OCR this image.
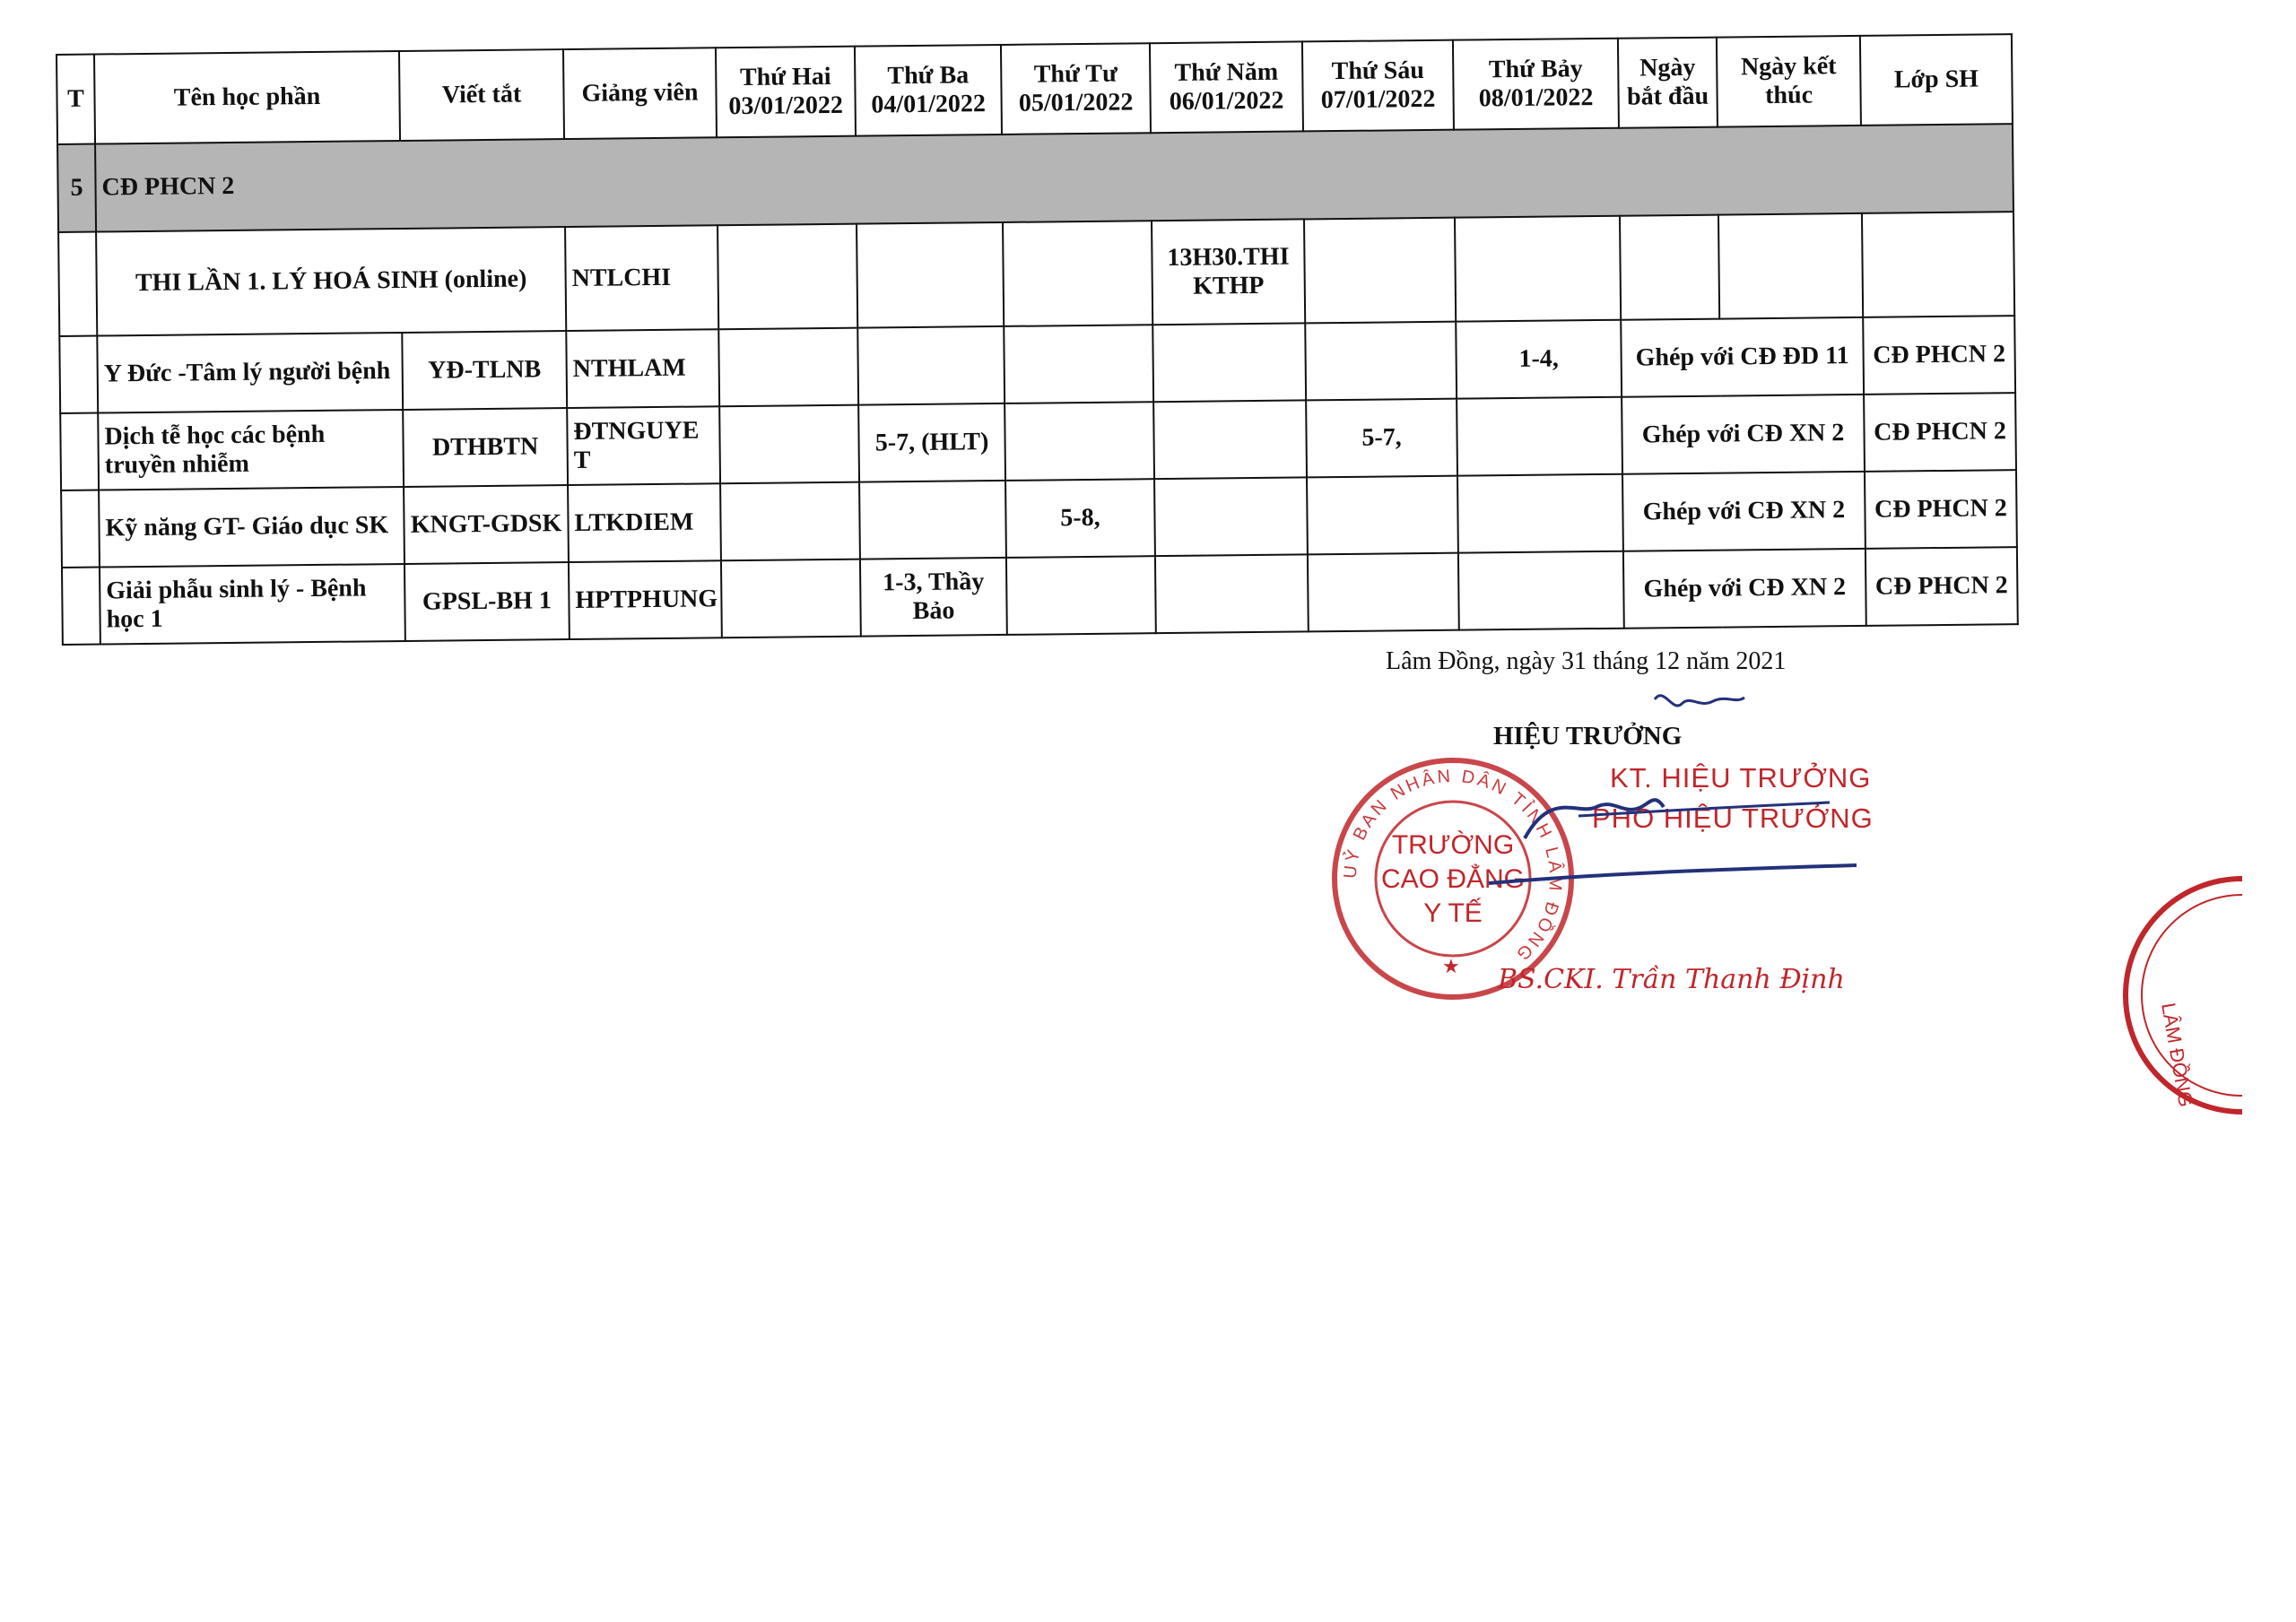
T	Tên học phần	Viết tắt	Giảng viên	Thứ Hai 03/01/2022	Thứ Ba 04/01/2022	Thứ Tư 05/01/2022	Thứ Năm 06/01/2022	Thứ Sáu 07/01/2022	Thứ Bảy 08/01/2022	Ngày bắt đầu	Ngày kết thúc	Lớp SH
5	CĐ PHCN 2											
	THI LẦN 1. LÝ HOÁ SINH (online)		NTLCHI				13H30.THI KTHP					
	Y Đức -Tâm lý người bệnh	YĐ-TLNB	NTHLAM						1-4,	Ghép với CĐ ĐD 11		CĐ PHCN 2
	Dịch tễ học các bệnh truyền nhiễm	DTHBTN	ĐTNGUYET		5-7, (HLT)			5-7,		Ghép với CĐ XN 2		CĐ PHCN 2
	Kỹ năng GT- Giáo dục SK	KNGT-GDSK	LTKDIEM			5-8,				Ghép với CĐ XN 2		CĐ PHCN 2
	Giải phẫu sinh lý - Bệnh học 1	GPSL-BH 1	HPTPHUNG		1-3, Thầy Bảo					Ghép với CĐ XN 2		CĐ PHCN 2
Lâm Đồng, ngày 31 tháng 12 năm 2021
HIỆU TRƯỞNG
KT. HIỆU TRƯỞNG
PHÓ HIỆU TRƯỞNG
UỶ BAN NHÂN DÂN TỈNH LÂM ĐỒNG
TRƯỜNG
CAO ĐẲNG
Y TẾ
★ BS.CKI. Trần Thanh Định
LÂM ĐỒNG
